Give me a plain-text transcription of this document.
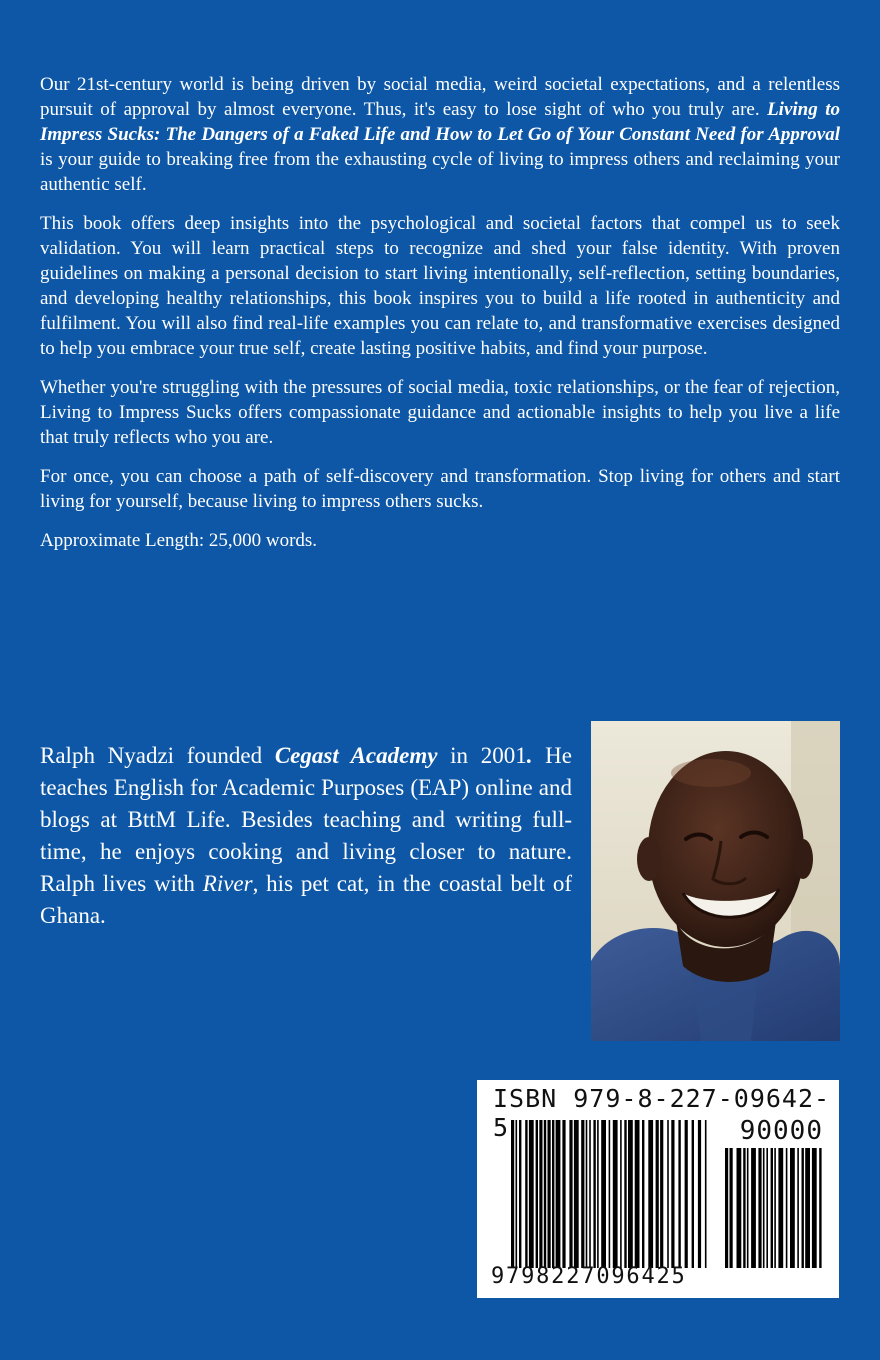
Our 21st-century world is being driven by social media, weird societal expectations, and a relentless pursuit of approval by almost everyone. Thus, it's easy to lose sight of who you truly are. Living to Impress Sucks: The Dangers of a Faked Life and How to Let Go of Your Constant Need for Approval is your guide to breaking free from the exhausting cycle of living to impress others and reclaiming your authentic self.

This book offers deep insights into the psychological and societal factors that compel us to seek validation. You will learn practical steps to recognize and shed your false identity. With proven guidelines on making a personal decision to start living intentionally, self-reflection, setting boundaries, and developing healthy relationships, this book inspires you to build a life rooted in authenticity and fulfilment. You will also find real-life examples you can relate to, and transformative exercises designed to help you embrace your true self, create lasting positive habits, and find your purpose.

Whether you're struggling with the pressures of social media, toxic relationships, or the fear of rejection, Living to Impress Sucks offers compassionate guidance and actionable insights to help you live a life that truly reflects who you are.

For once, you can choose a path of self-discovery and transformation. Stop living for others and start living for yourself, because living to impress others sucks.

Approximate Length: 25,000 words.

Ralph Nyadzi founded Cegast Academy in 2001. He teaches English for Academic Purposes (EAP) online and blogs at BttM Life. Besides teaching and writing full-time, he enjoys cooking and living closer to nature. Ralph lives with River, his pet cat, in the coastal belt of Ghana.
ISBN 979-8-227-09642-5	90000
9798227096425
